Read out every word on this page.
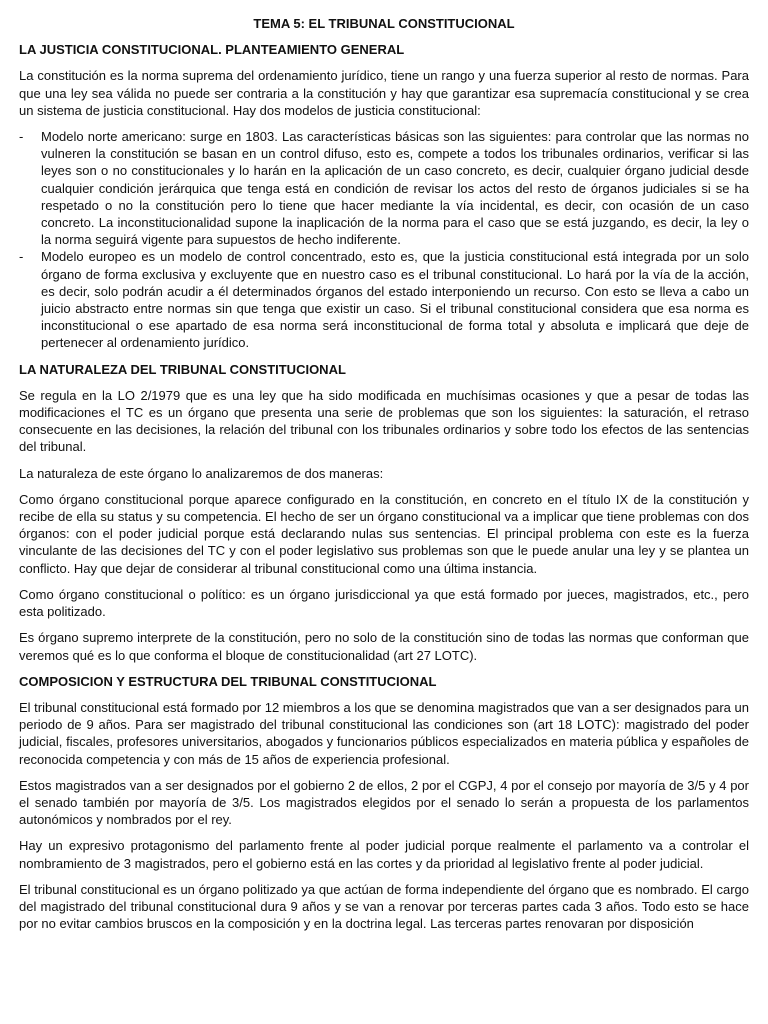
TEMA 5: EL TRIBUNAL CONSTITUCIONAL
LA JUSTICIA CONSTITUCIONAL. PLANTEAMIENTO GENERAL

La constitución es la norma suprema del ordenamiento jurídico, tiene un rango y una fuerza superior al resto de normas. Para que una ley sea válida no puede ser contraria a la constitución y hay que garantizar esa supremacía constitucional y se crea un sistema de justicia constitucional. Hay dos modelos de justicia constitucional:

- Modelo norte americano: surge en 1803. Las características básicas son las siguientes: para controlar que las normas no vulneren la constitución se basan en un control difuso, esto es, compete a todos los tribunales ordinarios, verificar si las leyes son o no constitucionales y lo harán en la aplicación de un caso concreto, es decir, cualquier órgano judicial desde cualquier condición jerárquica que tenga está en condición de revisar los actos del resto de órganos judiciales si se ha respetado o no la constitución pero lo tiene que hacer mediante la vía incidental, es decir, con ocasión de un caso concreto. La inconstitucionalidad supone la inaplicación de la norma para el caso que se está juzgando, es decir, la ley o la norma seguirá vigente para supuestos de hecho indiferente.
- Modelo europeo es un modelo de control concentrado, esto es, que la justicia constitucional está integrada por un solo órgano de forma exclusiva y excluyente que en nuestro caso es el tribunal constitucional. Lo hará por la vía de la acción, es decir, solo podrán acudir a él determinados órganos del estado interponiendo un recurso. Con esto se lleva a cabo un juicio abstracto entre normas sin que tenga que existir un caso. Si el tribunal constitucional considera que esa norma es inconstitucional o ese apartado de esa norma será inconstitucional de forma total y absoluta e implicará que deje de pertenecer al ordenamiento jurídico.
LA NATURALEZA DEL TRIBUNAL CONSTITUCIONAL

Se regula en la LO 2/1979 que es una ley que ha sido modificada en muchísimas ocasiones y que a pesar de todas las modificaciones el TC es un órgano que presenta una serie de problemas que son los siguientes: la saturación, el retraso consecuente en las decisiones, la relación del tribunal con los tribunales ordinarios y sobre todo los efectos de las sentencias del tribunal.

La naturaleza de este órgano lo analizaremos de dos maneras:

Como órgano constitucional porque aparece configurado en la constitución, en concreto en el título IX de la constitución y recibe de ella su status y su competencia. El hecho de ser un órgano constitucional va a implicar que tiene problemas con dos órganos: con el poder judicial porque está declarando nulas sus sentencias. El principal problema con este es la fuerza vinculante de las decisiones del TC y con el poder legislativo sus problemas son que le puede anular una ley y se plantea un conflicto. Hay que dejar de considerar al tribunal constitucional como una última instancia.

Como órgano constitucional o político: es un órgano jurisdiccional ya que está formado por jueces, magistrados, etc., pero esta politizado.

Es órgano supremo interprete de la constitución, pero no solo de la constitución sino de todas las normas que conforman que veremos qué es lo que conforma el bloque de constitucionalidad (art 27 LOTC).

COMPOSICION Y ESTRUCTURA DEL TRIBUNAL CONSTITUCIONAL

El tribunal constitucional está formado por 12 miembros a los que se denomina magistrados que van a ser designados para un periodo de 9 años. Para ser magistrado del tribunal constitucional las condiciones son (art 18 LOTC): magistrado del poder judicial, fiscales, profesores universitarios, abogados y funcionarios públicos especializados en materia pública y españoles de reconocida competencia y con más de 15 años de experiencia profesional.

Estos magistrados van a ser designados por el gobierno 2 de ellos, 2 por el CGPJ, 4 por el consejo por mayoría de 3/5 y 4 por el senado también por mayoría de 3/5. Los magistrados elegidos por el senado lo serán a propuesta de los parlamentos autonómicos y nombrados por el rey.

Hay un expresivo protagonismo del parlamento frente al poder judicial porque realmente el parlamento va a controlar el nombramiento de 3 magistrados, pero el gobierno está en las cortes y da prioridad al legislativo frente al poder judicial.

El tribunal constitucional es un órgano politizado ya que actúan de forma independiente del órgano que es nombrado. El cargo del magistrado del tribunal constitucional dura 9 años y se van a renovar por terceras partes cada 3 años. Todo esto se hace por no evitar cambios bruscos en la composición y en la doctrina legal. Las terceras partes renovaran por disposición
